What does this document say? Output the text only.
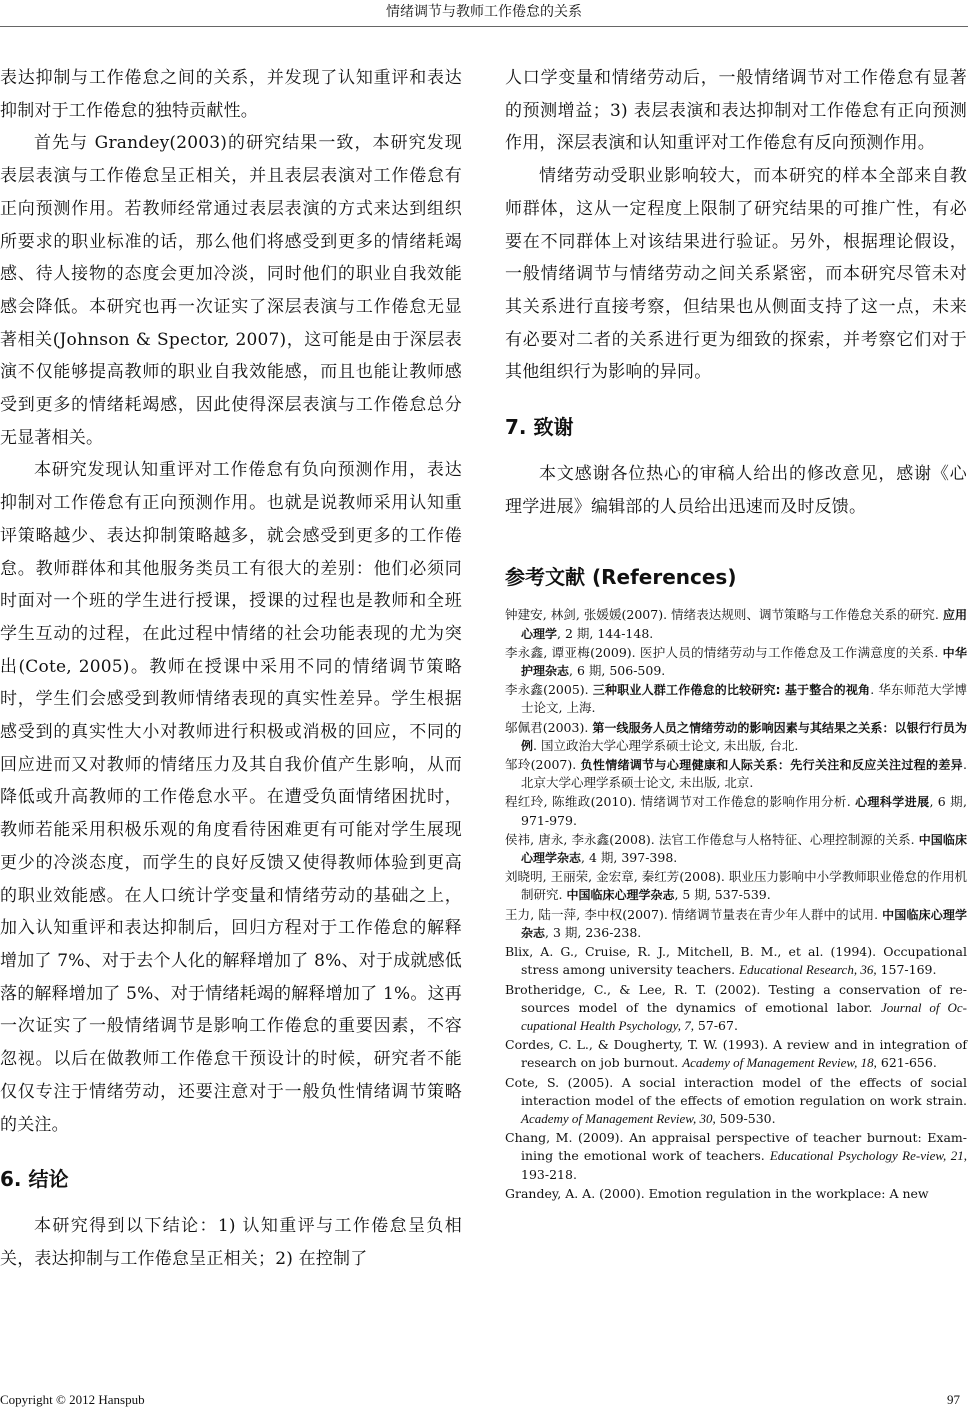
情绪调节与教师工作倦怠的关系

表达抑制与工作倦怠之间的关系，并发现了认知重评和表达抑制对于工作倦怠的独特贡献性。

首先与 Grandey(2003)的研究结果一致，本研究发现表层表演与工作倦怠呈正相关，并且表层表演对工作倦怠有正向预测作用。若教师经常通过表层表演的方式来达到组织所要求的职业标准的话，那么他们将感受到更多的情绪耗竭感、待人接物的态度会更加冷淡，同时他们的职业自我效能感会降低。本研究也再一次证实了深层表演与工作倦怠无显著相关(Johnson & Spector, 2007)，这可能是由于深层表演不仅能够提高教师的职业自我效能感，而且也能让教师感受到更多的情绪耗竭感，因此使得深层表演与工作倦怠总分无显著相关。

本研究发现认知重评对工作倦怠有负向预测作用，表达抑制对工作倦怠有正向预测作用。也就是说教师采用认知重评策略越少、表达抑制策略越多，就会感受到更多的工作倦怠。教师群体和其他服务类员工有很大的差别：他们必须同时面对一个班的学生进行授课，授课的过程也是教师和全班学生互动的过程，在此过程中情绪的社会功能表现的尤为突出(Cote, 2005)。教师在授课中采用不同的情绪调节策略时，学生们会感受到教师情绪表现的真实性差异。学生根据感受到的真实性大小对教师进行积极或消极的回应，不同的回应进而又对教师的情绪压力及其自我价值产生影响，从而降低或升高教师的工作倦怠水平。在遭受负面情绪困扰时，教师若能采用积极乐观的角度看待困难更有可能对学生展现更少的冷淡态度，而学生的良好反馈又使得教师体验到更高的职业效能感。在人口统计学变量和情绪劳动的基础之上，加入认知重评和表达抑制后，回归方程对于工作倦怠的解释增加了 7%、对于去个人化的解释增加了 8%、对于成就感低落的解释增加了 5%、对于情绪耗竭的解释增加了 1%。这再一次证实了一般情绪调节是影响工作倦怠的重要因素，不容忽视。以后在做教师工作倦怠干预设计的时候，研究者不能仅仅专注于情绪劳动，还要注意对于一般负性情绪调节策略的关注。

6. 结论

本研究得到以下结论：1) 认知重评与工作倦怠呈负相关，表达抑制与工作倦怠呈正相关；2) 在控制了

人口学变量和情绪劳动后，一般情绪调节对工作倦怠有显著的预测增益；3) 表层表演和表达抑制对工作倦怠有正向预测作用，深层表演和认知重评对工作倦怠有反向预测作用。

情绪劳动受职业影响较大，而本研究的样本全部来自教师群体，这从一定程度上限制了研究结果的可推广性，有必要在不同群体上对该结果进行验证。另外，根据理论假设，一般情绪调节与情绪劳动之间关系紧密，而本研究尽管未对其关系进行直接考察，但结果也从侧面支持了这一点，未来有必要对二者的关系进行更为细致的探索，并考察它们对于其他组织行为影响的异同。

7. 致谢

本文感谢各位热心的审稿人给出的修改意见，感谢《心理学进展》编辑部的人员给出迅速而及时反馈。

参考文献 (References)

钟建安, 林剑, 张媛媛(2007). 情绪表达规则、调节策略与工作倦怠关系的研究. 应用心理学, 2 期, 144-148.

李永鑫, 谭亚梅(2009). 医护人员的情绪劳动与工作倦怠及工作满意度的关系. 中华护理杂志, 6 期, 506-509.

李永鑫(2005). 三种职业人群工作倦怠的比较研究: 基于整合的视角. 华东师范大学博士论文, 上海.

邬佩君(2003). 第一线服务人员之情绪劳动的影响因素与其结果之关系：以银行行员为例. 国立政治大学心理学系硕士论文, 未出版, 台北.

邹玲(2007). 负性情绪调节与心理健康和人际关系：先行关注和反应关注过程的差异. 北京大学心理学系硕士论文, 未出版, 北京.

程红玲, 陈维政(2010). 情绪调节对工作倦怠的影响作用分析. 心理科学进展, 6 期, 971-979.

侯祎, 唐永, 李永鑫(2008). 法官工作倦怠与人格特征、心理控制源的关系. 中国临床心理学杂志, 4 期, 397-398.

刘晓明, 王丽荣, 金宏章, 秦红芳(2008). 职业压力影响中小学教师职业倦怠的作用机制研究. 中国临床心理学杂志, 5 期, 537-539.

王力, 陆一萍, 李中权(2007). 情绪调节量表在青少年人群中的试用. 中国临床心理学杂志, 3 期, 236-238.

Blix, A. G., Cruise, R. J., Mitchell, B. M., et al. (1994). Occupational stress among university teachers. Educational Research, 36, 157-169.

Brotheridge, C., & Lee, R. T. (2002). Testing a conservation of re-sources model of the dynamics of emotional labor. Journal of Oc-cupational Health Psychology, 7, 57-67.

Cordes, C. L., & Dougherty, T. W. (1993). A review and in integration of research on job burnout. Academy of Management Review, 18, 621-656.

Cote, S. (2005). A social interaction model of the effects of social interaction model of the effects of emotion regulation on work strain. Academy of Management Review, 30, 509-530.

Chang, M. (2009). An appraisal perspective of teacher burnout: Exam-ining the emotional work of teachers. Educational Psychology Re-view, 21, 193-218.

Grandey, A. A. (2000). Emotion regulation in the workplace: A new

Copyright © 2012 Hanspub	97
